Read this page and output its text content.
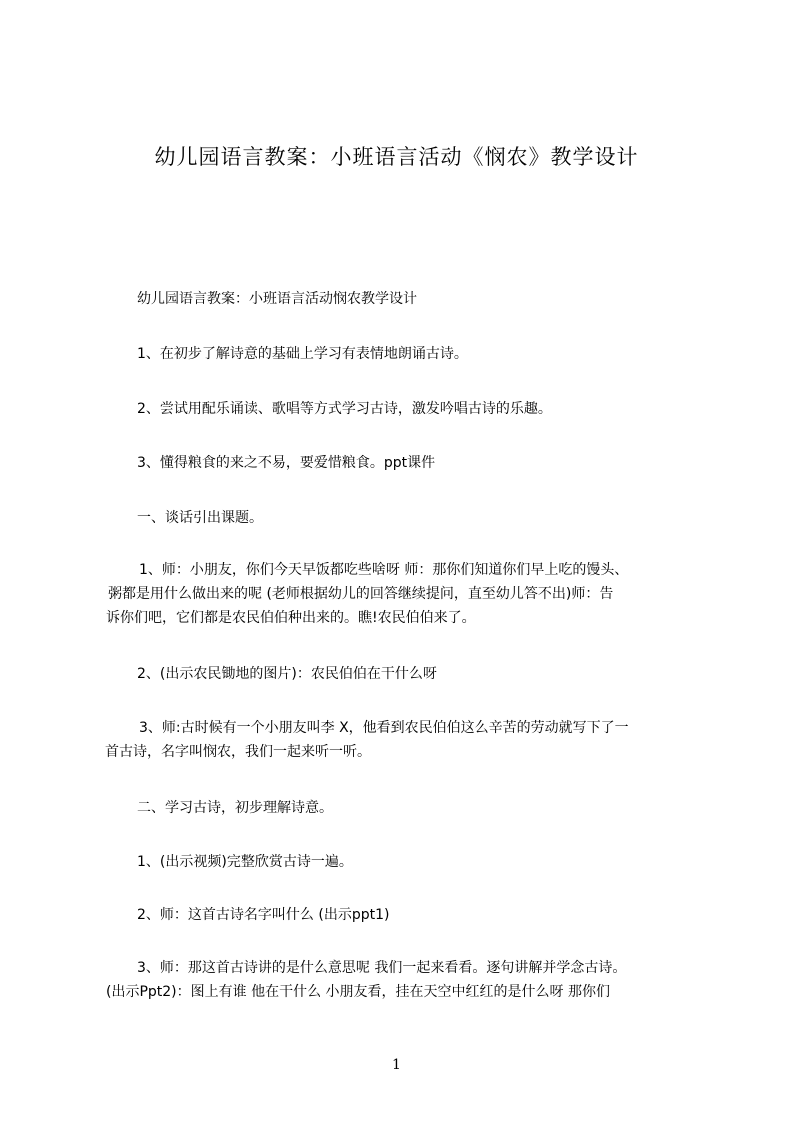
幼儿园语言教案：小班语言活动《悯农》教学设计
幼儿园语言教案：小班语言活动悯农教学设计
1、在初步了解诗意的基础上学习有表情地朗诵古诗。
2、尝试用配乐诵读、歌唱等方式学习古诗，激发吟唱古诗的乐趣。
3、懂得粮食的来之不易，要爱惜粮食。ppt课件
一、谈话引出课题。
1、师：小朋友，你们今天早饭都吃些啥呀 师：那你们知道你们早上吃的馒头、
粥都是用什么做出来的呢 (老师根据幼儿的回答继续提问，直至幼儿答不出)师：告
诉你们吧，它们都是农民伯伯种出来的。瞧!农民伯伯来了。
2、(出示农民锄地的图片)：农民伯伯在干什么呀
3、师:古时候有一个小朋友叫李 X，他看到农民伯伯这么辛苦的劳动就写下了一
首古诗，名字叫悯农，我们一起来听一听。
二、学习古诗，初步理解诗意。
1、(出示视频)完整欣赏古诗一遍。
2、师：这首古诗名字叫什么 (出示ppt1)
3、师：那这首古诗讲的是什么意思呢 我们一起来看看。逐句讲解并学念古诗。
(出示Ppt2)：图上有谁 他在干什么 小朋友看，挂在天空中红红的是什么呀 那你们
1
